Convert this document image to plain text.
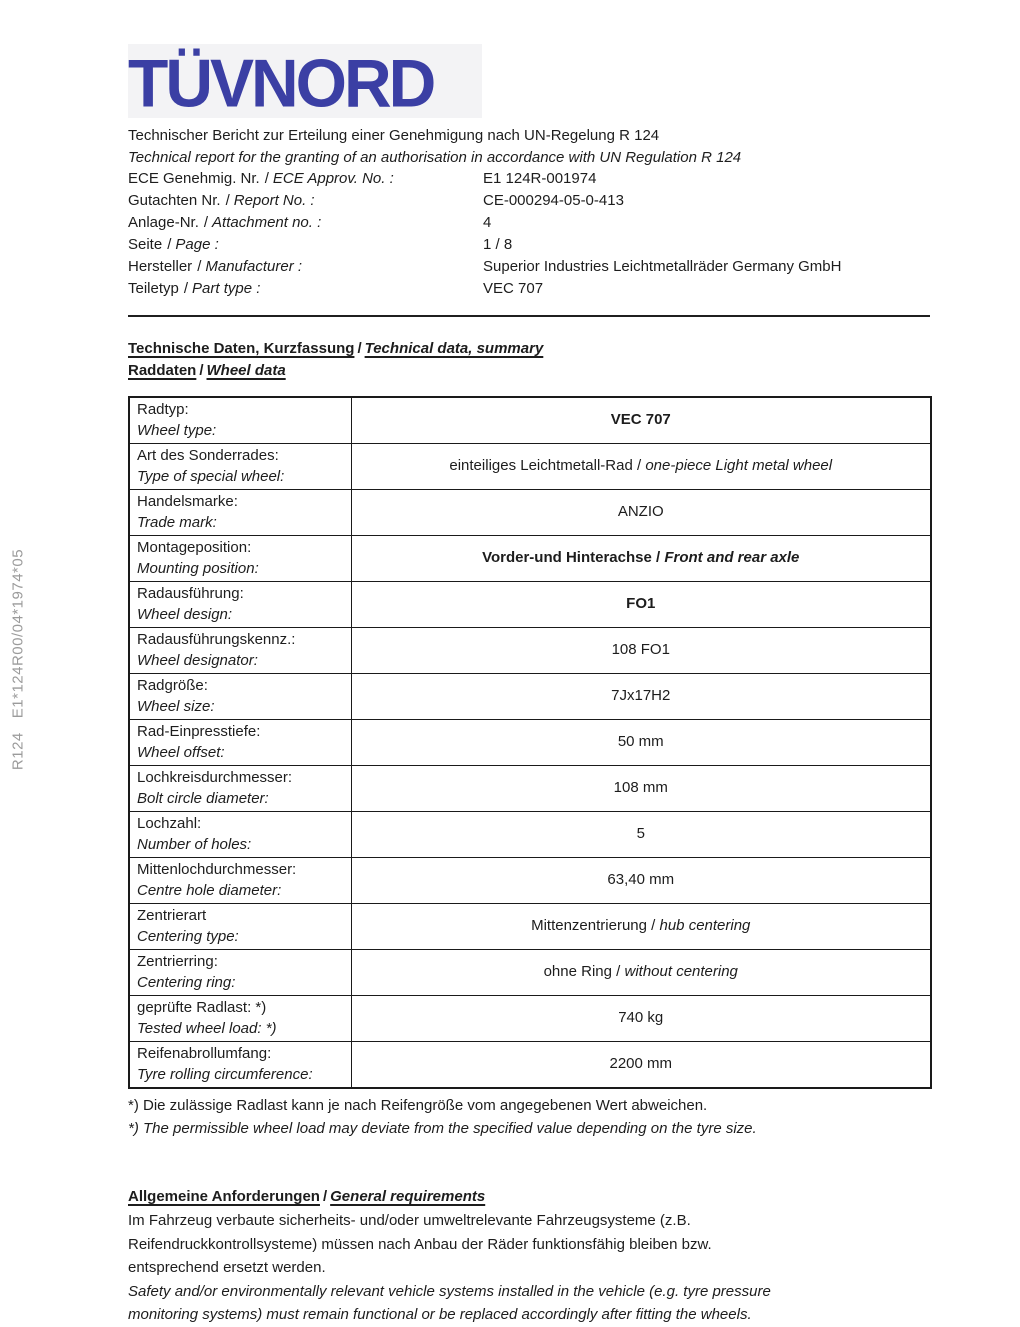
R124   E1*124R00/04*1974*05
TÜVNORD
Technischer Bericht zur Erteilung einer Genehmigung nach UN-Regelung R 124
Technical report for the granting of an authorisation in accordance with UN Regulation R 124
ECE Genehmig. Nr. / ECE Approv. No. :	E1 124R-001974
Gutachten Nr. / Report No. :	CE-000294-05-0-413
Anlage-Nr. / Attachment no. :	4
Seite / Page :	1 / 8
Hersteller / Manufacturer :	Superior Industries Leichtmetallräder Germany GmbH
Teiletyp / Part type :	VEC 707
Technische Daten, Kurzfassung / Technical data, summary
Raddaten / Wheel data
Radtyp:
Wheel type:	VEC 707

Art des Sonderrades:
Type of special wheel:	einteiliges Leichtmetall-Rad / one-piece Light metal wheel

Handelsmarke:
Trade mark:	ANZIO

Montageposition:
Mounting position:	Vorder-und Hinterachse / Front and rear axle

Radausführung:
Wheel design:	FO1

Radausführungskennz.:
Wheel designator:	108 FO1

Radgröße:
Wheel size:	7Jx17H2

Rad-Einpresstiefe:
Wheel offset:	50 mm

Lochkreisdurchmesser:
Bolt circle diameter:	108 mm

Lochzahl:
Number of holes:	5

Mittenlochdurchmesser:
Centre hole diameter:	63,40 mm

Zentrierart
Centering type:	Mittenzentrierung / hub centering

Zentrierring:
Centering ring:	ohne Ring / without centering

geprüfte Radlast: *)
Tested wheel load: *)	740 kg

Reifenabrollumfang:
Tyre rolling circumference:	2200 mm
*) Die zulässige Radlast kann je nach Reifengröße vom angegebenen Wert abweichen.
*) The permissible wheel load may deviate from the specified value depending on the tyre size.
Allgemeine Anforderungen / General requirements
Im Fahrzeug verbaute sicherheits- und/oder umweltrelevante Fahrzeugsysteme (z.B.
Reifendruckkontrollsysteme) müssen nach Anbau der Räder funktionsfähig bleiben bzw.
entsprechend ersetzt werden.
Safety and/or environmentally relevant vehicle systems installed in the vehicle (e.g. tyre pressure
monitoring systems) must remain functional or be replaced accordingly after fitting the wheels.
